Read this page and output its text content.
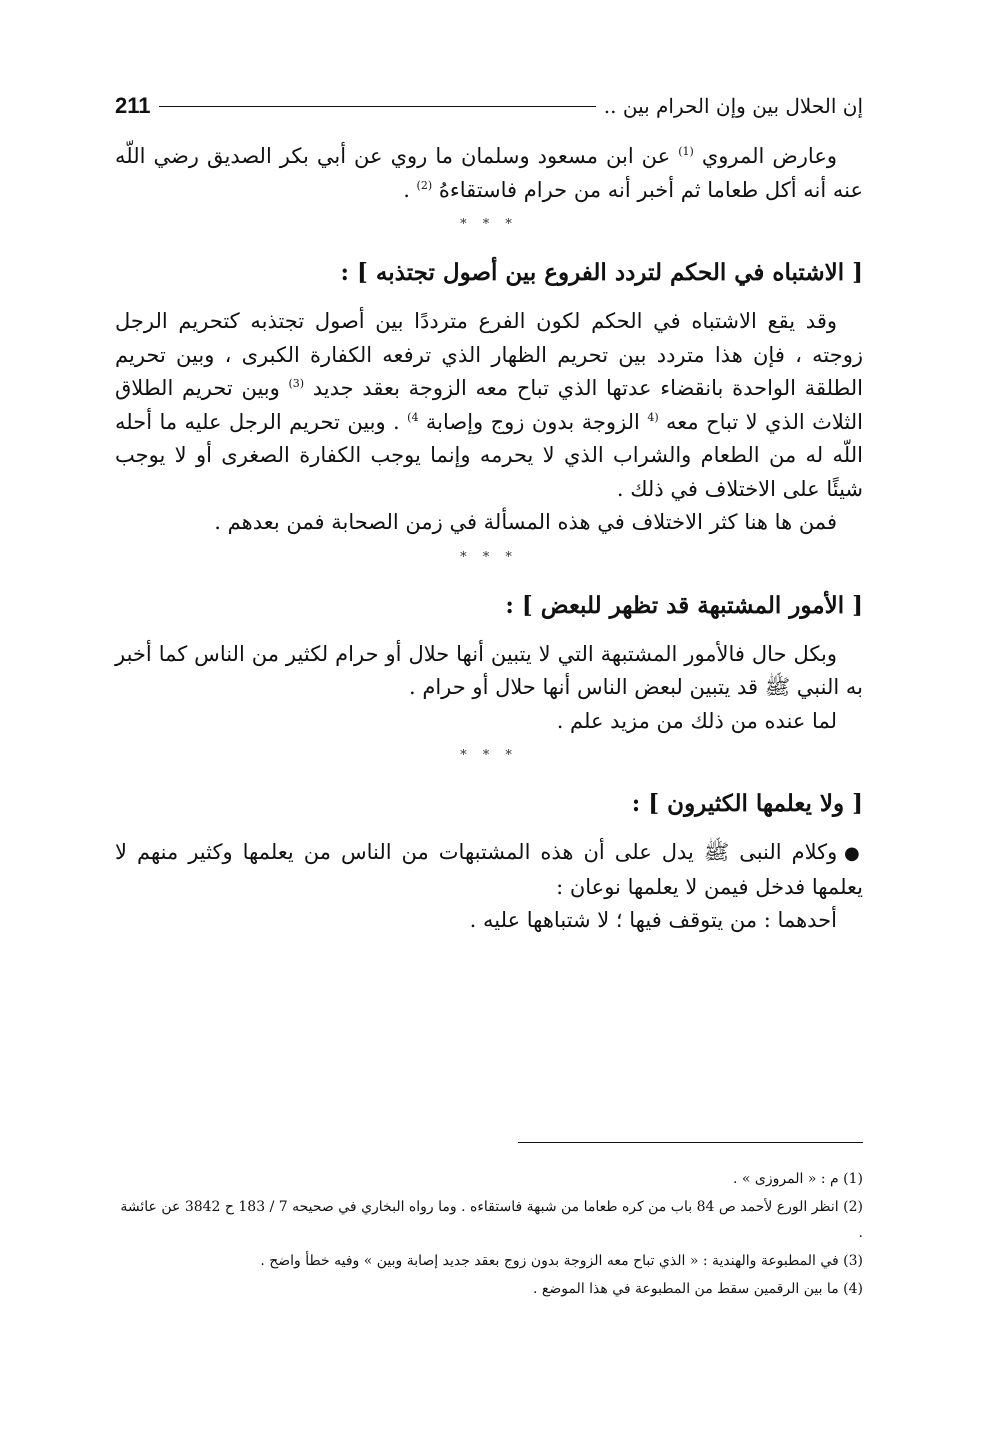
إن الحلال بين وإن الحرام بين ..
211

وعارض المروي $^{(1)}$ عن ابن مسعود وسلمان ما روي عن أبي بكر الصديق رضي اللّه عنه أنه أكل طعاما ثم أخبر أنه من حرام فاستقاءهُ $^{(2)}$ .

* * *

[ الاشتباه في الحكم لتردد الفروع بين أصول تجتذبه ] :

وقد يقع الاشتباه في الحكم لكون الفرع مترددًا بين أصول تجتذبه كتحريم الرجل زوجته ، فإن هذا متردد بين تحريم الظهار الذي ترفعه الكفارة الكبرى ، وبين تحريم الطلقة الواحدة بانقضاء عدتها الذي تباح معه الزوجة بعقد جديد $^{(3)}$ وبين تحريم الطلاق الثلاث الذي لا تباح معه $^{(4}$ الزوجة بدون زوج وإصابة $^{4)}$ . وبين تحريم الرجل عليه ما أحله اللّه له من الطعام والشراب الذي لا يحرمه وإنما يوجب الكفارة الصغرى أو لا يوجب شيئًا على الاختلاف في ذلك .

فمن ها هنا كثر الاختلاف في هذه المسألة في زمن الصحابة فمن بعدهم .

* * *

[ الأمور المشتبهة قد تظهر للبعض ] :

وبكل حال فالأمور المشتبهة التي لا يتبين أنها حلال أو حرام لكثير من الناس كما أخبر به النبي ﷺ قد يتبين لبعض الناس أنها حلال أو حرام .

لما عنده من ذلك من مزيد علم .

* * *

[ ولا يعلمها الكثيرون ] :

● وكلام النبى ﷺ يدل على أن هذه المشتبهات من الناس من يعلمها وكثير منهم لا يعلمها فدخل فيمن لا يعلمها نوعان :

أحدهما : من يتوقف فيها ؛ لا شتباهها عليه .

(1) م : « المروزى » .

(2) انظر الورع لأحمد ص 84 باب من كره طعاما من شبهة فاستقاءه . وما رواه البخاري في صحيحه 7 / 183 ح 3842 عن عائشة .

(3) في المطبوعة والهندية : « الذي تباح معه الزوجة بدون زوج بعقد جديد إصابة وبين » وفيه خطأ واضح .

(4) ما بين الرقمين سقط من المطبوعة في هذا الموضع .
